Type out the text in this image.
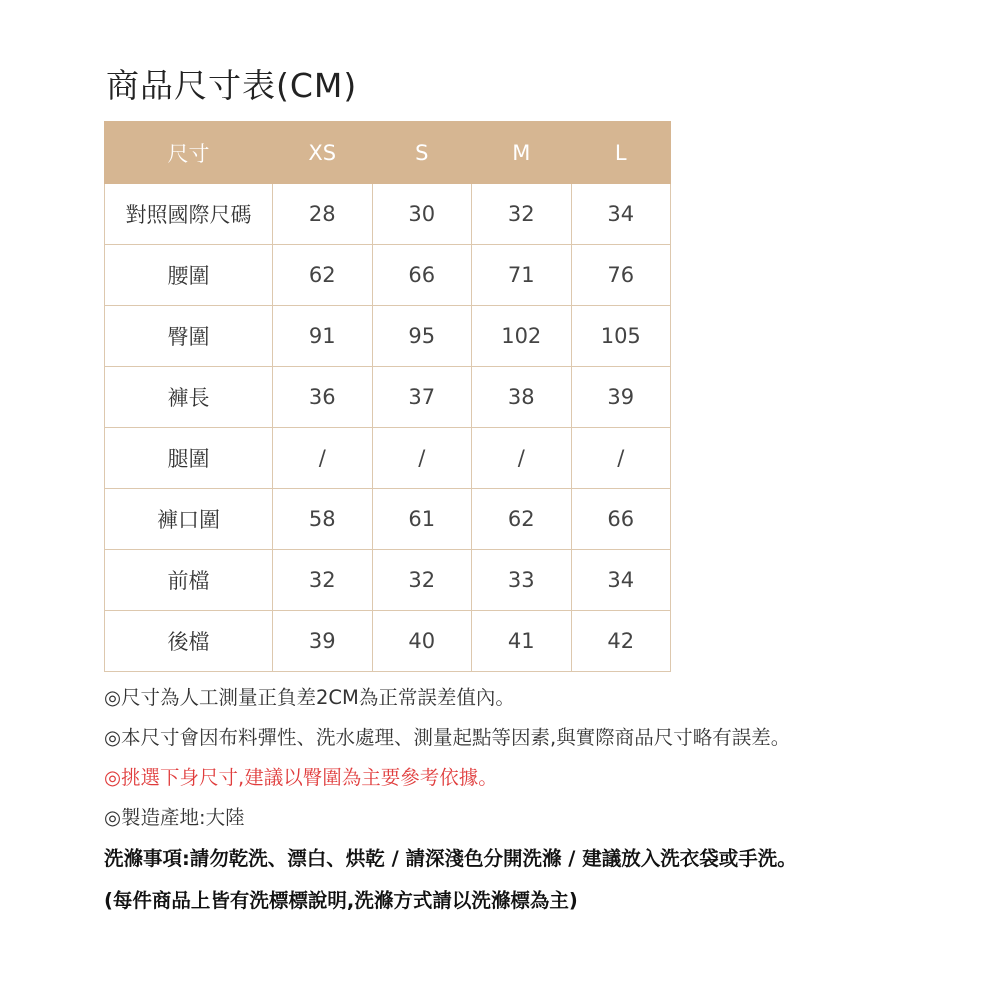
商品尺寸表(CM)
尺寸	XS	S	M	L
對照國際尺碼	28	30	32	34
腰圍	62	66	71	76
臀圍	91	95	102	105
褲長	36	37	38	39
腿圍	/	/	/	/
褲口圍	58	61	62	66
前檔	32	32	33	34
後檔	39	40	41	42
◎尺寸為人工測量正負差2CM為正常誤差值內。
◎本尺寸會因布料彈性、洗水處理、測量起點等因素,與實際商品尺寸略有誤差。
◎挑選下身尺寸,建議以臀圍為主要參考依據。
◎製造產地:大陸
洗滌事項:請勿乾洗、漂白、烘乾 / 請深淺色分開洗滌 / 建議放入洗衣袋或手洗。
(每件商品上皆有洗標標說明,洗滌方式請以洗滌標為主)
